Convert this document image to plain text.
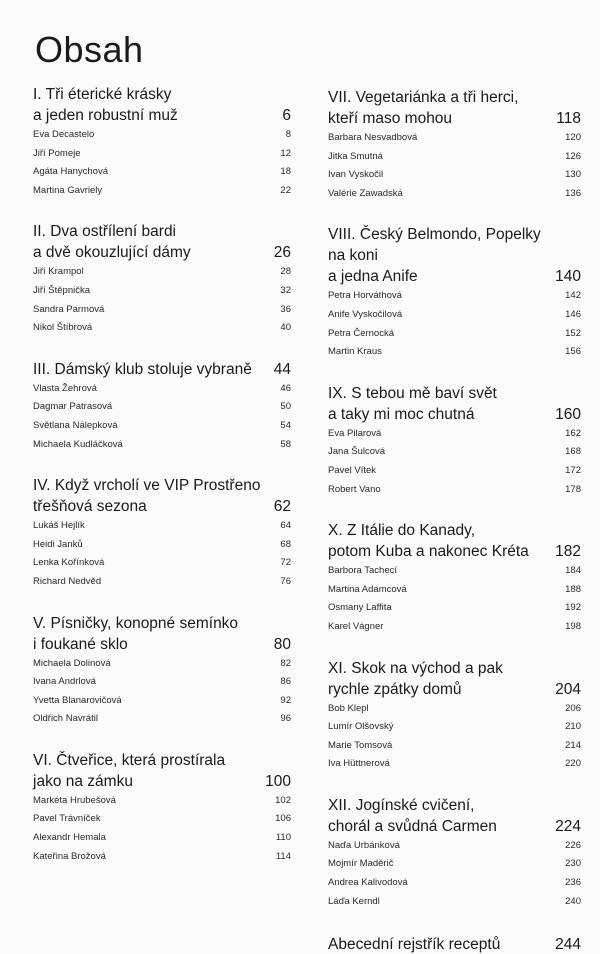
Obsah
I. Tři éterické krásky
a jeden robustní muž	6
Eva Decastelo	8
Jiří Pomeje	12
Agáta Hanychová	18
Martina Gavriely	22
II. Dva ostřílení bardi
a dvě okouzlující dámy	26
Jiří Krampol	28
Jiří Štěpnička	32
Sandra Parmová	36
Nikol Štíbrová	40
III. Dámský klub stoluje vybraně 44
Vlasta Žehrová	46
Dagmar Patrasová	50
Světlana Nálepková	54
Michaela Kudláčková	58
IV. Když vrcholí ve VIP Prostřeno
třešňová sezona	62
Lukáš Hejlík	64
Heidi Janků	68
Lenka Kořínková	72
Richard Nedvěd	76
V. Písničky, konopné semínko
i foukané sklo	80
Michaela Dolinová	82
Ivana Andrlová	86
Yvetta Blanarovičová	92
Oldřich Navrátil	96
VI. Čtveřice, která prostírala
jako na zámku	100
Markéta Hrubešová	102
Pavel Trávníček	106
Alexandr Hemala	110
Kateřina Brožová	114
VII. Vegetariánka a tři herci,
kteří maso mohou	118
Barbara Nesvadbová	120
Jitka Smutná	126
Ivan Vyskočil	130
Valérie Zawadská	136
VIII. Český Belmondo, Popelky na koni
a jedna Anife	140
Petra Horváthová	142
Anife Vyskočilová	146
Petra Černocká	152
Martin Kraus	156
IX. S tebou mě baví svět
a taky mi moc chutná	160
Eva Pilarová	162
Jana Šulcová	168
Pavel Vítek	172
Robert Vano	178
X. Z Itálie do Kanady,
potom Kuba a nakonec Kréta 182
Barbora Tachecí	184
Martina Adamcová	188
Osmany Laffita	192
Karel Vágner	198
XI. Skok na východ a pak
rychle zpátky domů	204
Bob Klepl	206
Lumír Olšovský	210
Marie Tomsová	214
Iva Hüttnerová	220
XII. Jogínské cvičení,
chorál a svůdná Carmen	224
Naďa Urbánková	226
Mojmír Maděrič	230
Andrea Kalivodová	236
Láďa Kerndl	240
Abecední rejstřík receptů	244
